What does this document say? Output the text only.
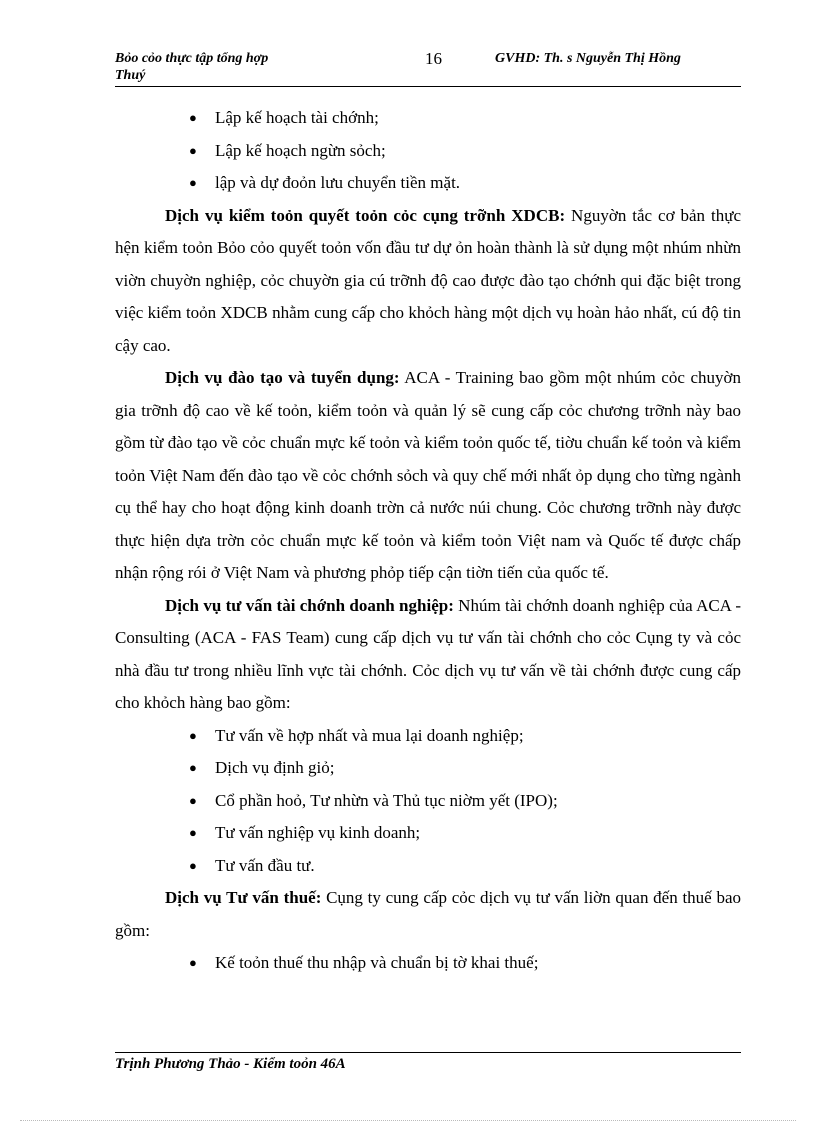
Bỏo cỏo thực tập tổng hợp
Thuý
16	GVHD: Th. s Nguyễn Thị Hồng
● Lập kế hoạch tài chớnh;
● Lập kế hoạch ngừn sỏch;
● lập và dự đoỏn lưu chuyển tiền mặt.

Dịch vụ kiểm toỏn quyết toỏn cỏc cụng trỡnh XDCB: Nguyờn tắc cơ bản thực hện kiểm toỏn Bỏo cỏo quyết toỏn vốn đầu tư dự ỏn hoàn thành là sử dụng một nhúm nhừn viờn chuyờn nghiệp, cỏc chuyờn gia cú trỡnh độ cao được đào tạo chớnh qui đặc biệt trong việc kiểm toỏn XDCB nhằm cung cấp cho khỏch hàng một dịch vụ hoàn hảo nhất, cú độ tin cậy cao.

Dịch vụ đào tạo và tuyển dụng: ACA - Training bao gồm một nhúm cỏc chuyờn gia trỡnh độ cao về kế toỏn, kiểm toỏn và quản lý sẽ cung cấp cỏc chương trỡnh này bao gồm từ đào tạo về cỏc chuẩn mực kế toỏn và kiểm toỏn quốc tế, tiờu chuẩn kế toỏn và kiểm toỏn Việt Nam đến đào tạo về cỏc chớnh sỏch và quy chế mới nhất ỏp dụng cho từng ngành cụ thể hay cho hoạt động kinh doanh trờn cả nước núi chung. Cỏc chương trỡnh này được thực hiện dựa trờn cỏc chuẩn mực kế toỏn và kiểm toỏn Việt nam và Quốc tế được chấp nhận rộng rói ở Việt Nam và phương phỏp tiếp cận tiờn tiến của quốc tế.

Dịch vụ tư vấn tài chớnh doanh nghiệp: Nhúm tài chớnh doanh nghiệp của ACA - Consulting (ACA - FAS Team) cung cấp dịch vụ tư vấn tài chớnh cho cỏc Cụng ty và cỏc nhà đầu tư trong nhiều lĩnh vực tài chớnh. Cỏc dịch vụ tư vấn về tài chớnh được cung cấp cho khỏch hàng bao gồm:

● Tư vấn về hợp nhất và mua lại doanh nghiệp;
● Dịch vụ định giỏ;
● Cổ phần hoỏ, Tư nhừn và Thủ tục niờm yết (IPO);
● Tư vấn nghiệp vụ kinh doanh;
● Tư vấn đầu tư.

Dịch vụ Tư vấn thuế: Cụng ty cung cấp cỏc dịch vụ tư vấn liờn quan đến thuế bao gồm:

● Kế toỏn thuế thu nhập và chuẩn bị tờ khai thuế;
Trịnh Phương Thảo - Kiểm toỏn 46A
